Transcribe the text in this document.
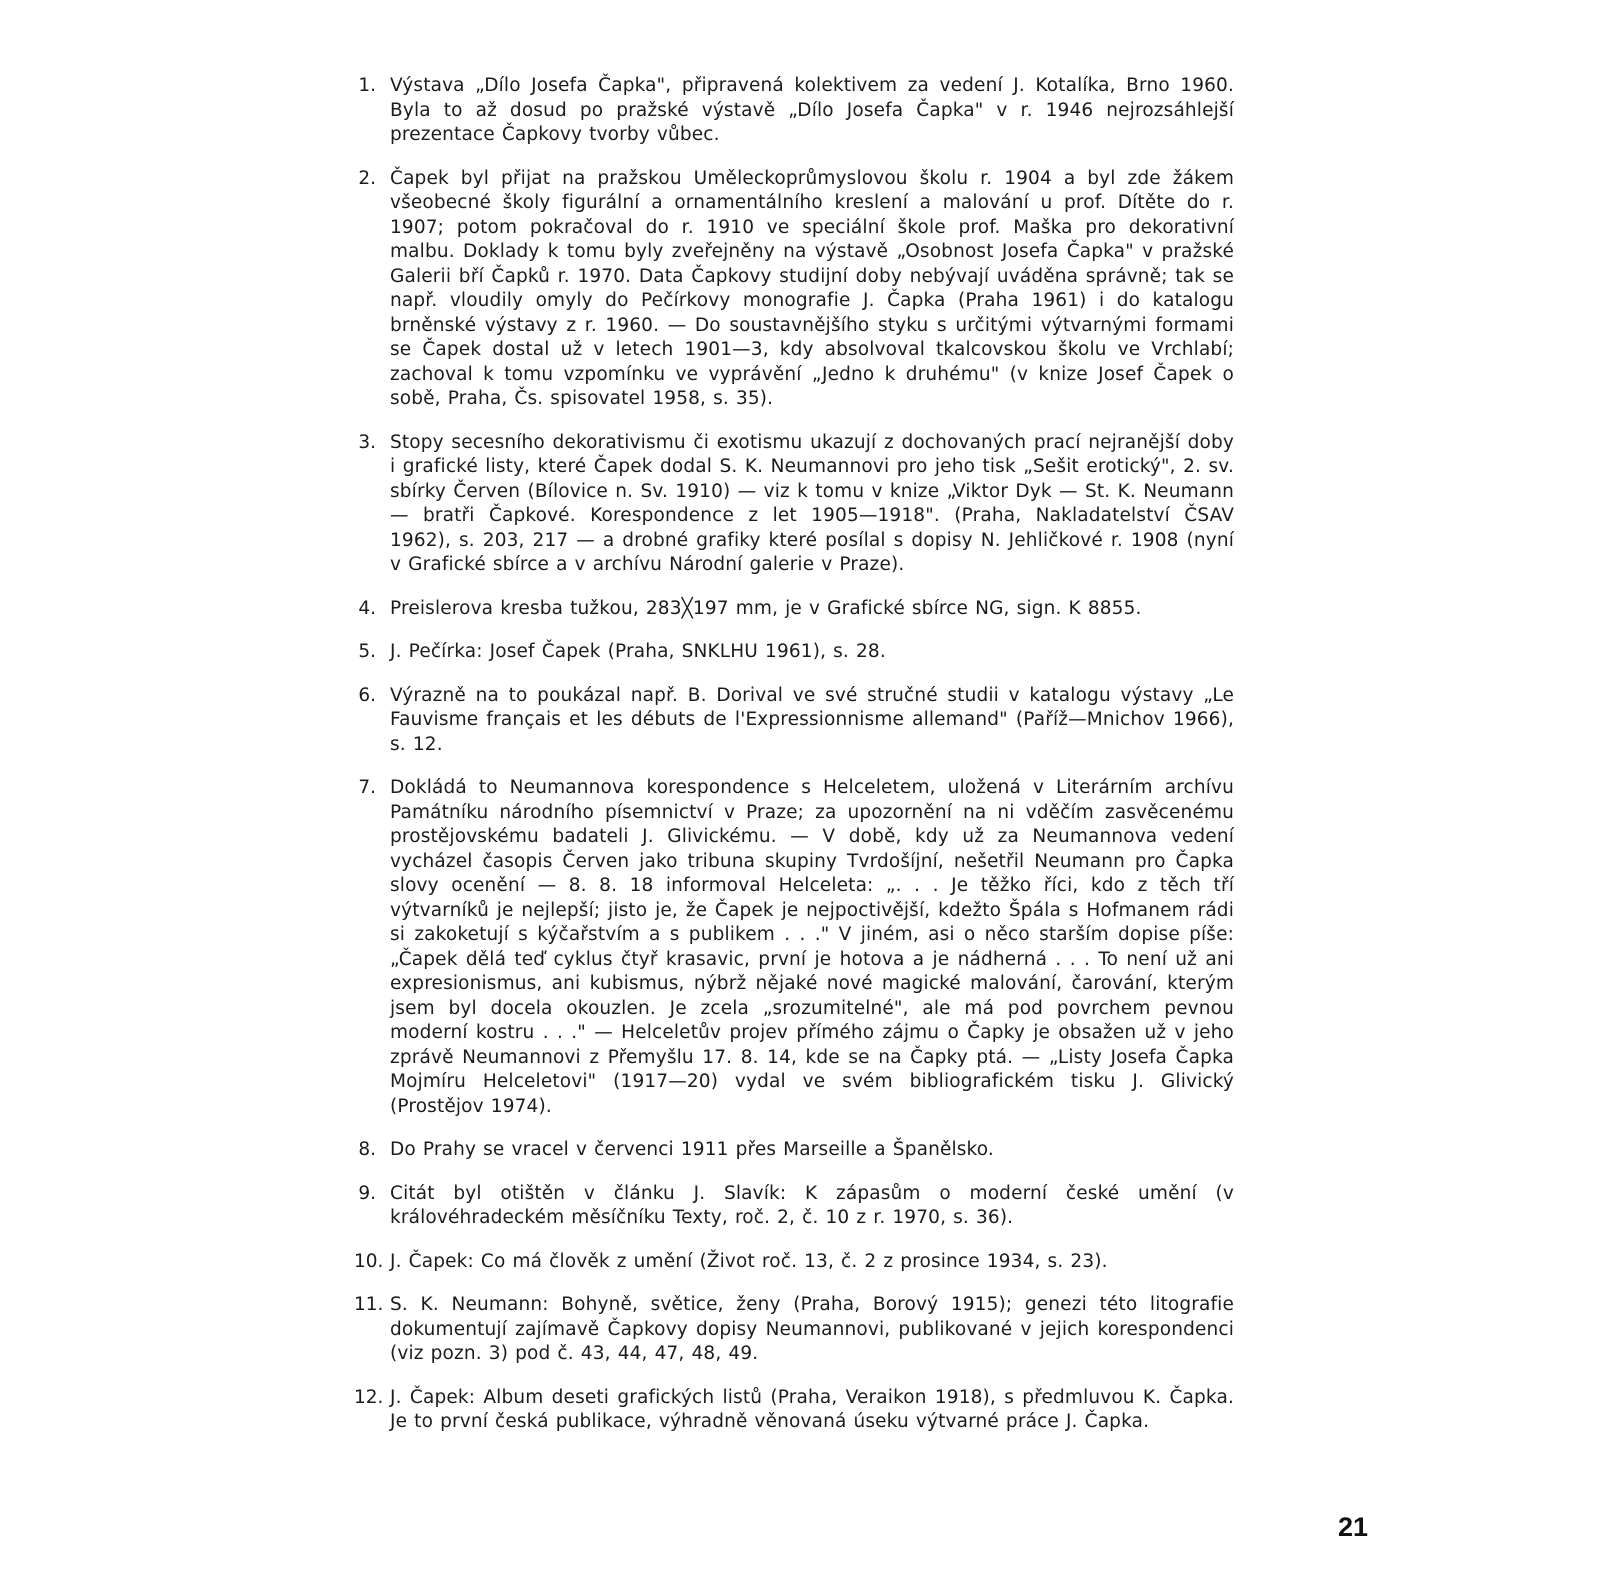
1. Výstava „Dílo Josefa Čapka", připravená kolektivem za vedení J. Kotalíka, Brno 1960. Byla to až dosud po pražské výstavě „Dílo Josefa Čapka" v r. 1946 nejrozsáhlejší prezentace Čapkovy tvorby vůbec.
2. Čapek byl přijat na pražskou Uměleckoprůmyslovou školu r. 1904 a byl zde žákem všeobecné školy figurální a ornamentálního kreslení a malování u prof. Dítěte do r. 1907; potom pokračoval do r. 1910 ve speciální škole prof. Maška pro dekorativní malbu. Doklady k tomu byly zveřejněny na výstavě „Osobnost Josefa Čapka" v pražské Galerii bří Čapků r. 1970. Data Čapkovy studijní doby nebývají uváděna správně; tak se např. vloudily omyly do Pečírkovy monografie J. Čapka (Praha 1961) i do katalogu brněnské výstavy z r. 1960. — Do soustavnějšího styku s určitými výtvarnými formami se Čapek dostal už v letech 1901—3, kdy absolvoval tkalcovskou školu ve Vrchlabí; zachoval k tomu vzpomínku ve vyprávění „Jedno k druhému" (v knize Josef Čapek o sobě, Praha, Čs. spisovatel 1958, s. 35).
3. Stopy secesního dekorativismu či exotismu ukazují z dochovaných prací nejranější doby i grafické listy, které Čapek dodal S. K. Neumannovi pro jeho tisk „Sešit erotický", 2. sv. sbírky Červen (Bílovice n. Sv. 1910) — viz k tomu v knize „Viktor Dyk — St. K. Neumann — bratři Čapkové. Korespondence z let 1905—1918". (Praha, Nakladatelství ČSAV 1962), s. 203, 217 — a drobné grafiky které posílal s dopisy N. Jehličkové r. 1908 (nyní v Grafické sbírce a v archívu Národní galerie v Praze).
4. Preislerova kresba tužkou, 283╳197 mm, je v Grafické sbírce NG, sign. K 8855.
5. J. Pečírka: Josef Čapek (Praha, SNKLHU 1961), s. 28.
6. Výrazně na to poukázal např. B. Dorival ve své stručné studii v katalogu výstavy „Le Fauvisme français et les débuts de l'Expressionnisme allemand" (Paříž—Mnichov 1966), s. 12.
7. Dokládá to Neumannova korespondence s Helceletem, uložená v Literárním archívu Památníku národního písemnictví v Praze; za upozornění na ni vděčím zasvěcenému prostějovskému badateli J. Glivickému. — V době, kdy už za Neumannova vedení vycházel časopis Červen jako tribuna skupiny Tvrdošíjní, nešetřil Neumann pro Čapka slovy ocenění — 8. 8. 18 informoval Helceleta: „. . . Je těžko říci, kdo z těch tří výtvarníků je nejlepší; jisto je, že Čapek je nejpoctivější, kdežto Špála s Hofmanem rádi si zakoketují s kýčařstvím a s publikem . . ." V jiném, asi o něco starším dopise píše: „Čapek dělá teď cyklus čtyř krasavic, první je hotova a je nádherná . . . To není už ani expresionismus, ani kubismus, nýbrž nějaké nové magické malování, čarování, kterým jsem byl docela okouzlen. Je zcela „srozumitelné", ale má pod povrchem pevnou moderní kostru . . ." — Helceletův projev přímého zájmu o Čapky je obsažen už v jeho zprávě Neumannovi z Přemyšlu 17. 8. 14, kde se na Čapky ptá. — „Listy Josefa Čapka Mojmíru Helceletovi" (1917—20) vydal ve svém bibliografickém tisku J. Glivický (Prostějov 1974).
8. Do Prahy se vracel v červenci 1911 přes Marseille a Španělsko.
9. Citát byl otištěn v článku J. Slavík: K zápasům o moderní české umění (v královéhradeckém měsíčníku Texty, roč. 2, č. 10 z r. 1970, s. 36).
10. J. Čapek: Co má člověk z umění (Život roč. 13, č. 2 z prosince 1934, s. 23).
11. S. K. Neumann: Bohyně, světice, ženy (Praha, Borový 1915); genezi této litografie dokumentují zajímavě Čapkovy dopisy Neumannovi, publikované v jejich korespondenci (viz pozn. 3) pod č. 43, 44, 47, 48, 49.
12. J. Čapek: Album deseti grafických listů (Praha, Veraikon 1918), s předmluvou K. Čapka. Je to první česká publikace, výhradně věnovaná úseku výtvarné práce J. Čapka.
21
